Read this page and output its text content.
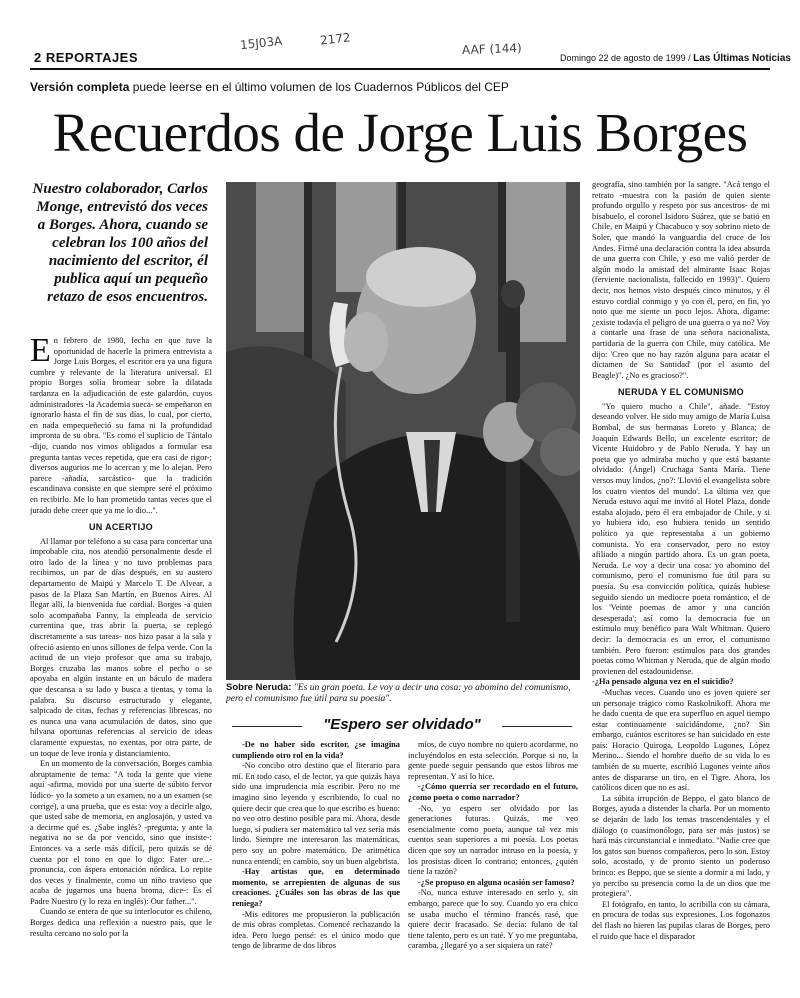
2 REPORTAJES	Domingo 22 de agosto de 1999 / Las Últimas Noticias
15J03A	2172
AAF (144)
Versión completa puede leerse en el último volumen de los Cuadernos Públicos del CEP
Recuerdos de Jorge Luis Borges
Nuestro colaborador, Carlos Monge, entrevistó dos veces a Borges. Ahora, cuando se celebran los 100 años del nacimiento del escritor, él publica aquí un pequeño retazo de esos encuentros.

En febrero de 1980, fecha en que tuve la oportunidad de hacerle la primera entrevista a Jorge Luis Borges, el escritor era ya una figura cumbre y relevante de la literatura universal. El propio Borges solía bromear sobre la dilatada tardanza en la adjudicación de este galardón, cuyos administradores -la Academia sueca- se empeñaron en ignorarlo hasta el fin de sus días, lo cual, por cierto, en nada empequeñeció su fama ni la profundidad impronta de su obra. "Es como el suplicio de Tántalo -dijo, cuando nos vimos obligados a formular esa pregunta tantas veces repetida, que era casi de rigor-; diversos augurios me lo acercan y me lo alejan. Pero parece -añadía, sarcástico- que la tradición escandinava consiste en que siempre seré el próximo en recibirlo. Me lo han prometido tantas veces que el jurado debe creer que ya me lo dio...".

UN ACERTIJO

Al llamar por teléfono a su casa para concertar una improbable cita, nos atendió personalmente desde el otro lado de la línea y no tuvo problemas para recibirnos, un par de días después, en su austero departamento de Maipú y Marcelo T. De Alvear, a pasos de la Plaza San Martín, en Buenos Aires. Al llegar allí, la bienvenida fue cordial. Borges -a quien solo acompañaba Fanny, la empleada de servicio currentina que, tras abrir la puerta, se replegó discretamente a sus tareas- nos hizo pasar a la sala y ofreció asiento en unos sillones de felpa verde. Con la actitud de un viejo profesor que ama su trabajo, Borges cruzaba las manos sobre el pecho o se apoyaba en algún instante en un báculo de madera que descansa a su lado y busca a tientas, y toma la palabra. Su discurso estructurado y elegante, salpicado de citas, fechas y referencias librescas, no es nunca una vana acumulación de datos, sino que hilvana oportunas referencias al servicio de ideas claramente expuestas, no exentas, por otra parte, de un toque de leve ironía y distanciamiento.

En un momento de la conversación, Borges cambia abruptamente de tema: "A toda la gente que viene aquí -afirma, movido por una suerte de súbito fervor lúdico- yo la someto a un examen, no a un examen (se corrige), a una prueba, que es esta: voy a decirle algo, que usted sabe de memoria, en anglosajón, y usted va a decirme qué es. ¿Sabe inglés? -pregunta, y ante la negativa no se da por vencido, sino que insiste-: Entonces va a serle más difícil, pero quizás se dé cuenta por el tono en que lo digo: Fater ure...-pronuncia, con áspera entonación nórdica. Lo repite dos veces y finalmente, como un niño travieso que acaba de jugarnos una buena broma, dice-: Es el Padre Nuestro (y lo reza en inglés): Our father...".

Cuando se entera de que su interlocutor es chileno, Borges dedica una reflexión a nuestro país, que le resulta cercano no solo por la

Sobre Neruda: "Es un gran poeta. Le voy a decir una cosa: yo abomino del comunismo, pero el comunismo fue útil para su poesía".
"Espero ser olvidado"

-De no haber sido escritor, ¿se imagina cumpliendo otro rol en la vida?

-No concibo otro destino que el literario para mí. En todo caso, el de lector, ya que quizás haya sido una imprudencia mía escribir. Pero no me imagino sino leyendo y escribiendo, lo cual no quiere decir que crea que lo que escribo es bueno: no veo otro destino posible para mí. Ahora, desde luego, si pudiera ser matemático tal vez sería más lindo. Siempre me interesaron las matemáticas, pero soy un pobre matemático. De aritmética nunca entendí; en cambio, soy un buen algebrista.

-Hay artistas que, en determinado momento, se arrepienten de algunas de sus creaciones. ¿Cuáles son las obras de las que reniega?

-Mis editores me propusieron la publicación de mis obras completas. Comencé rechazando la idea. Pero luego pensé: es el único modo que tengo de librarme de dos libros

míos, de cuyo nombre no quiero acordarme, no incluyéndolos en esta selección. Porque si no, la gente puede seguir pensando que estos libros me representan. Y así lo hice.

-¿Cómo querría ser recordado en el futuro, ¿como poeta o como narrador?

-No, yo espero ser olvidado por las generaciones futuras. Quizás, me veo esencialmente como poeta, aunque tal vez mis cuentos sean superiores a mi poesía. Los poetas dicen que soy un narrador intruso en la poesía, y los prosistas dicen lo contrario; entonces, ¿quién tiene la razón?

-¿Se propuso en alguna ocasión ser famoso?

-No, nunca estuve interesado en serlo y, sin embargo, parece que lo soy. Cuando yo era chico se usaba mucho el término francés rasé, que quiere decir fracasado. Se decía: fulano de tal tiene talento, pero es un raté. Y yo me preguntaba, caramba, ¿llegaré yo a ser siquiera un raté?

geografía, sino también por la sangre. "Acá tengo el retrato -muestra con la pasión de quien siente profundo orgullo y respeto por sus ancestros- de mi bisabuelo, el coronel Isidoro Suárez, que se batió en Chile, en Maipú y Chacabuco y soy sobrino nieto de Soler, que mandó la vanguardia del cruce de los Andes. Firmé una declaración contra la idea absurda de una guerra con Chile, y eso me valió perder de algún modo la amistad del almirante Isaac Rojas (ferviente nacionalista, fallecido en 1993)". Quiero decir, nos hemos visto después cinco minutos, y él estuvo cordial conmigo y yo con él, pero, en fin, yo noto que me siente un poco lejos. Ahora, dígame: ¿existe todavía el peligro de una guerra o ya no? Voy a contarle una frase de una señora nacionalista, partidaria de la guerra con Chile, muy católica. Me dijo: 'Creo que no hay razón alguna para acatar el dictamen de Su Santidad' (por el asunto del Beagle)". ¿No es gracioso?".

NERUDA Y EL COMUNISMO

"Yo quiero mucho a Chile", añade. "Estoy deseando volver. He sido muy amigo de María Luisa Bombal, de sus hermanas Loreto y Blanca; de Joaquín Edwards Bello, un excelente escritor; de Vicente Huidobro y de Pablo Neruda. Y hay un poeta que yo admiraba mucho y que está bastante olvidado: (Ángel) Cruchaga Santa María. Tiene versos muy lindos, ¿no?: 'Llovió el evangelista sobre los cuatro vientos del mundo'. La última vez que Neruda estuvo aquí me invitó al Hotel Plaza, donde estaba alojado, pero él era embajador de Chile, y si yo hubiera ido, eso hubiera tenido un sentido político ya que representaba a un gobierno comunista. Yo era conservador, pero no estoy afiliado a ningún partido ahora. Es un gran poeta, Neruda. Le voy a decir una cosa: yo abomino del comunismo, pero el comunismo fue útil para su poesía. Su esa convicción política, quizás hubiese seguido siendo un mediocre poeta romántico, el de los 'Veinte poemas de amor y una canción desesperada'; así como la democracia fue un estímulo muy benéfico para Walt Whitman. Quiero decir: la democracia es un error, el comunismo también. Pero fueron: estímulos para dos grandes poetas como Whitman y Neruda, que de algún modo provienen del estadounidense.

-¿Ha pensado alguna vez en el suicidio?

-Muchas veces. Cuando uno es joven quiere ser un personaje trágico como Raskolnikoff. Ahora me he dado cuenta de que era superfluo en aquel tiempo estar continuamente suicidándome, ¿no? Sin embargo, cuántos escritores se han suicidado en este país: Horacio Quiroga, Leopoldo Lugones, López Merino... Siendo el hombre dueño de su vida lo es también de su muerte, escribió Lugones veinte años antes de dispararse un tiro, en el Tigre. Ahora, los católicos dicen que no es así.

La súbita irrupción de Beppo, el gato blanco de Borges, ayuda a distender la charla. Por un momento se dejarán de lado los temas trascendentales y el diálogo (o cuasimonólogo, para ser más justos) se hará más circunstancial e inmediato. "Nadie cree que los gatos son buenos compañeros, pero lo son. Estoy solo, acostado, y de pronto siento un poderoso brinco: es Beppo, que se siente a dormir a mi lado, y yo percibo su presencia como la de un dios que me protegiera".

El fotógrafo, en tanto, lo acribilla con su cámara, en procura de todas sus expresiones. Los fogonazos del flash no hieren las pupilas claras de Borges, pero el ruido que hace el disparador
